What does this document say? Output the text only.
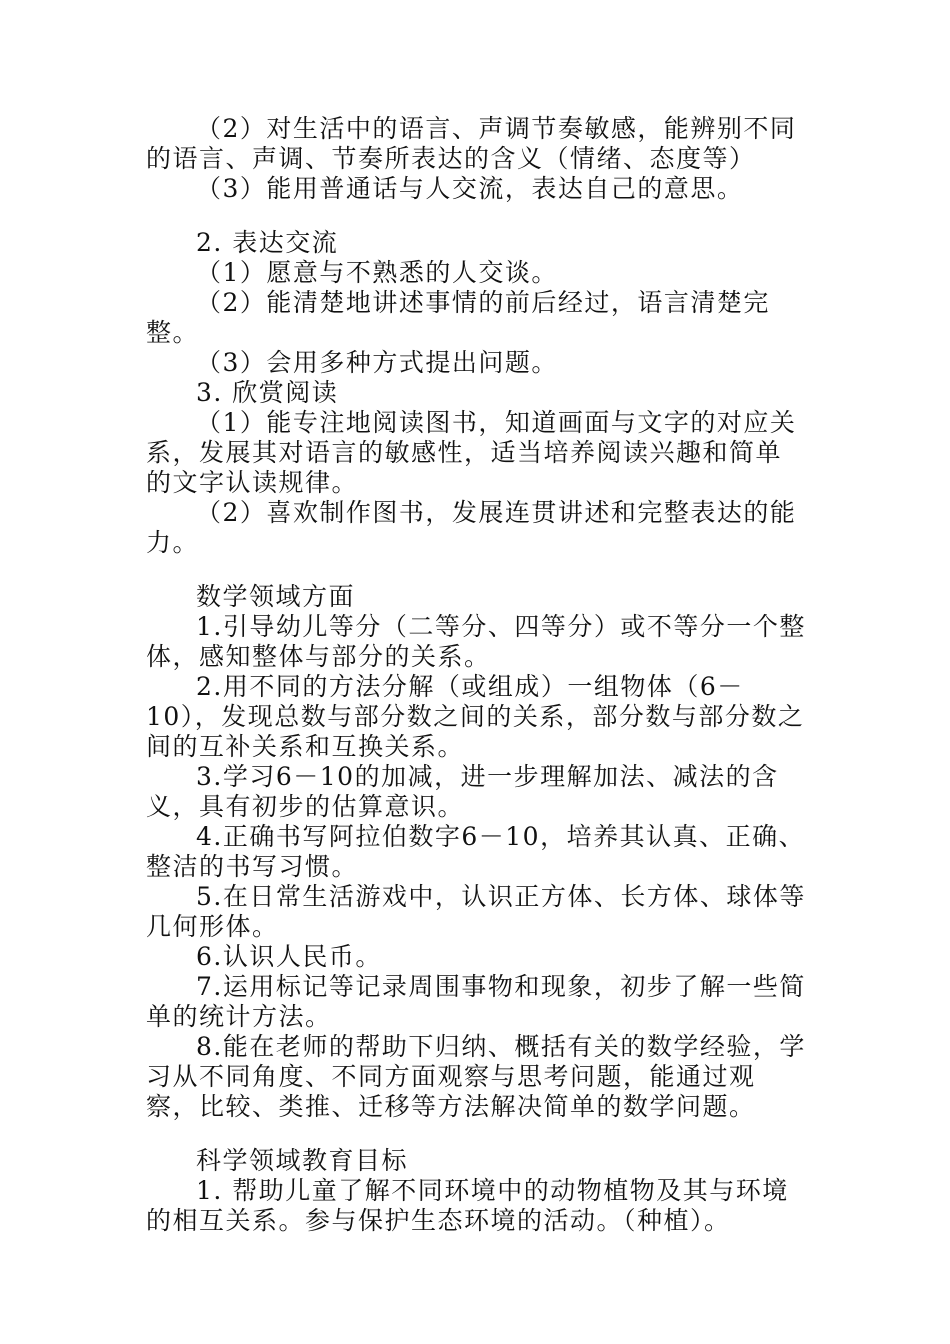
（2）对生活中的语言、声调节奏敏感，能辨别不同的语言、声调、节奏所表达的含义（情绪、态度等）

（3）能用普通话与人交流，表达自己的意思。

2. 表达交流

（1）愿意与不熟悉的人交谈。

（2）能清楚地讲述事情的前后经过，语言清楚完整。

（3）会用多种方式提出问题。

3. 欣赏阅读

（1）能专注地阅读图书，知道画面与文字的对应关系，发展其对语言的敏感性，适当培养阅读兴趣和简单的文字认读规律。

（2）喜欢制作图书，发展连贯讲述和完整表达的能力。

数学领域方面

1.引导幼儿等分（二等分、四等分）或不等分一个整体，感知整体与部分的关系。

2.用不同的方法分解（或组成）一组物体（6－10），发现总数与部分数之间的关系，部分数与部分数之间的互补关系和互换关系。

3.学习6－10的加减，进一步理解加法、减法的含义，具有初步的估算意识。

4.正确书写阿拉伯数字6－10，培养其认真、正确、整洁的书写习惯。

5.在日常生活游戏中，认识正方体、长方体、球体等几何形体。

6.认识人民币。

7.运用标记等记录周围事物和现象，初步了解一些简单的统计方法。

8.能在老师的帮助下归纳、概括有关的数学经验，学习从不同角度、不同方面观察与思考问题，能通过观察，比较、类推、迁移等方法解决简单的数学问题。

科学领域教育目标

1. 帮助儿童了解不同环境中的动物植物及其与环境的相互关系。参与保护生态环境的活动。（种植）。
